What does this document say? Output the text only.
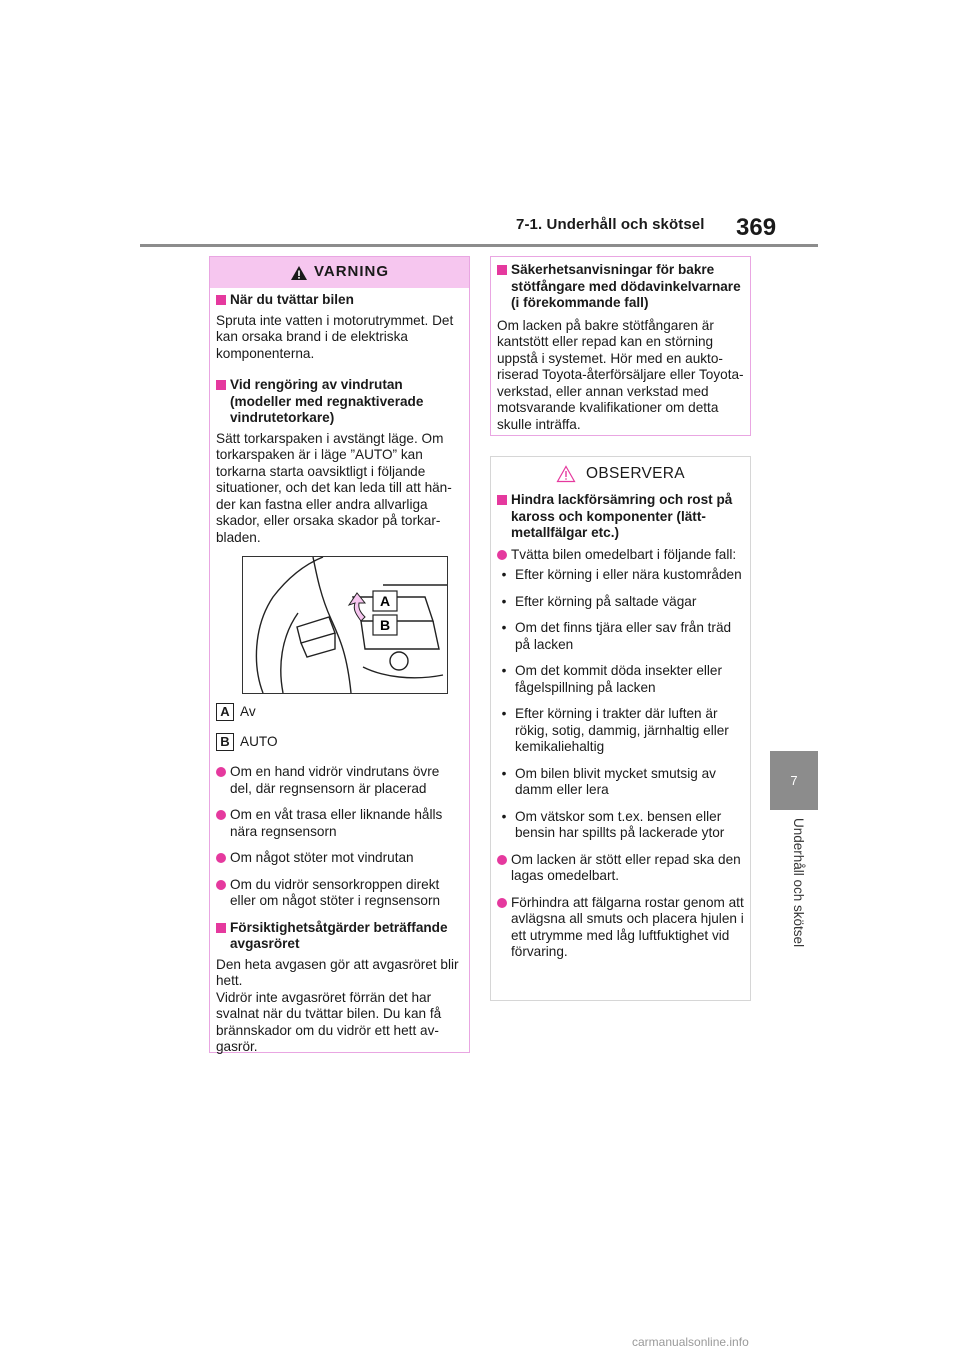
7-1. Underhåll och skötsel 369
7
Underhåll och skötsel
VARNING
När du tvättar bilen
Spruta inte vatten i motorutrymmet. Det kan orsaka brand i de elektriska komponenterna.
Vid rengöring av vindrutan (modeller med regnaktiverade vindrutetorkare)
Sätt torkarspaken i avstängt läge. Om torkarspaken är i läge ”AUTO” kan torkarna starta oavsiktligt i följande situationer, och det kan leda till att händer kan fastna eller andra allvarliga skador, eller orsaka skador på torkarbladen.
A
B
A Av
B AUTO
Om en hand vidrör vindrutans övre del, där regnsensorn är placerad
Om en våt trasa eller liknande hålls nära regnsensorn
Om något stöter mot vindrutan
Om du vidrör sensorkroppen direkt eller om något stöter i regnsensorn
Försiktighetsåtgärder beträffande avgasröret
Den heta avgasen gör att avgasröret blir hett.
Vidrör inte avgasröret förrän det har svalnat när du tvättar bilen. Du kan få brännskador om du vidrör ett hett avgasrör.
Säkerhetsanvisningar för bakre stötfångare med dödavinkelvarnare (i förekommande fall)
Om lacken på bakre stötfångaren är kantstött eller repad kan en störning uppstå i systemet. Hör med en auktoriserad Toyota-återförsäljare eller Toyota-verkstad, eller annan verkstad med motsvarande kvalifikationer om detta skulle inträffa.
OBSERVERA
Hindra lackförsämring och rost på kaross och komponenter (lättmetallfälgar etc.)
Tvätta bilen omedelbart i följande fall:
• Efter körning i eller nära kustområden
• Efter körning på saltade vägar
• Om det finns tjära eller sav från träd på lacken
• Om det kommit döda insekter eller fågelspillning på lacken
• Efter körning i trakter där luften är rökig, sotig, dammig, järnhaltig eller kemikaliehaltig
• Om bilen blivit mycket smutsig av damm eller lera
• Om vätskor som t.ex. bensen eller bensin har spillts på lackerade ytor
Om lacken är stött eller repad ska den lagas omedelbart.
Förhindra att fälgarna rostar genom att avlägsna all smuts och placera hjulen i ett utrymme med låg luftfuktighet vid förvaring.
carmanualsonline.info
